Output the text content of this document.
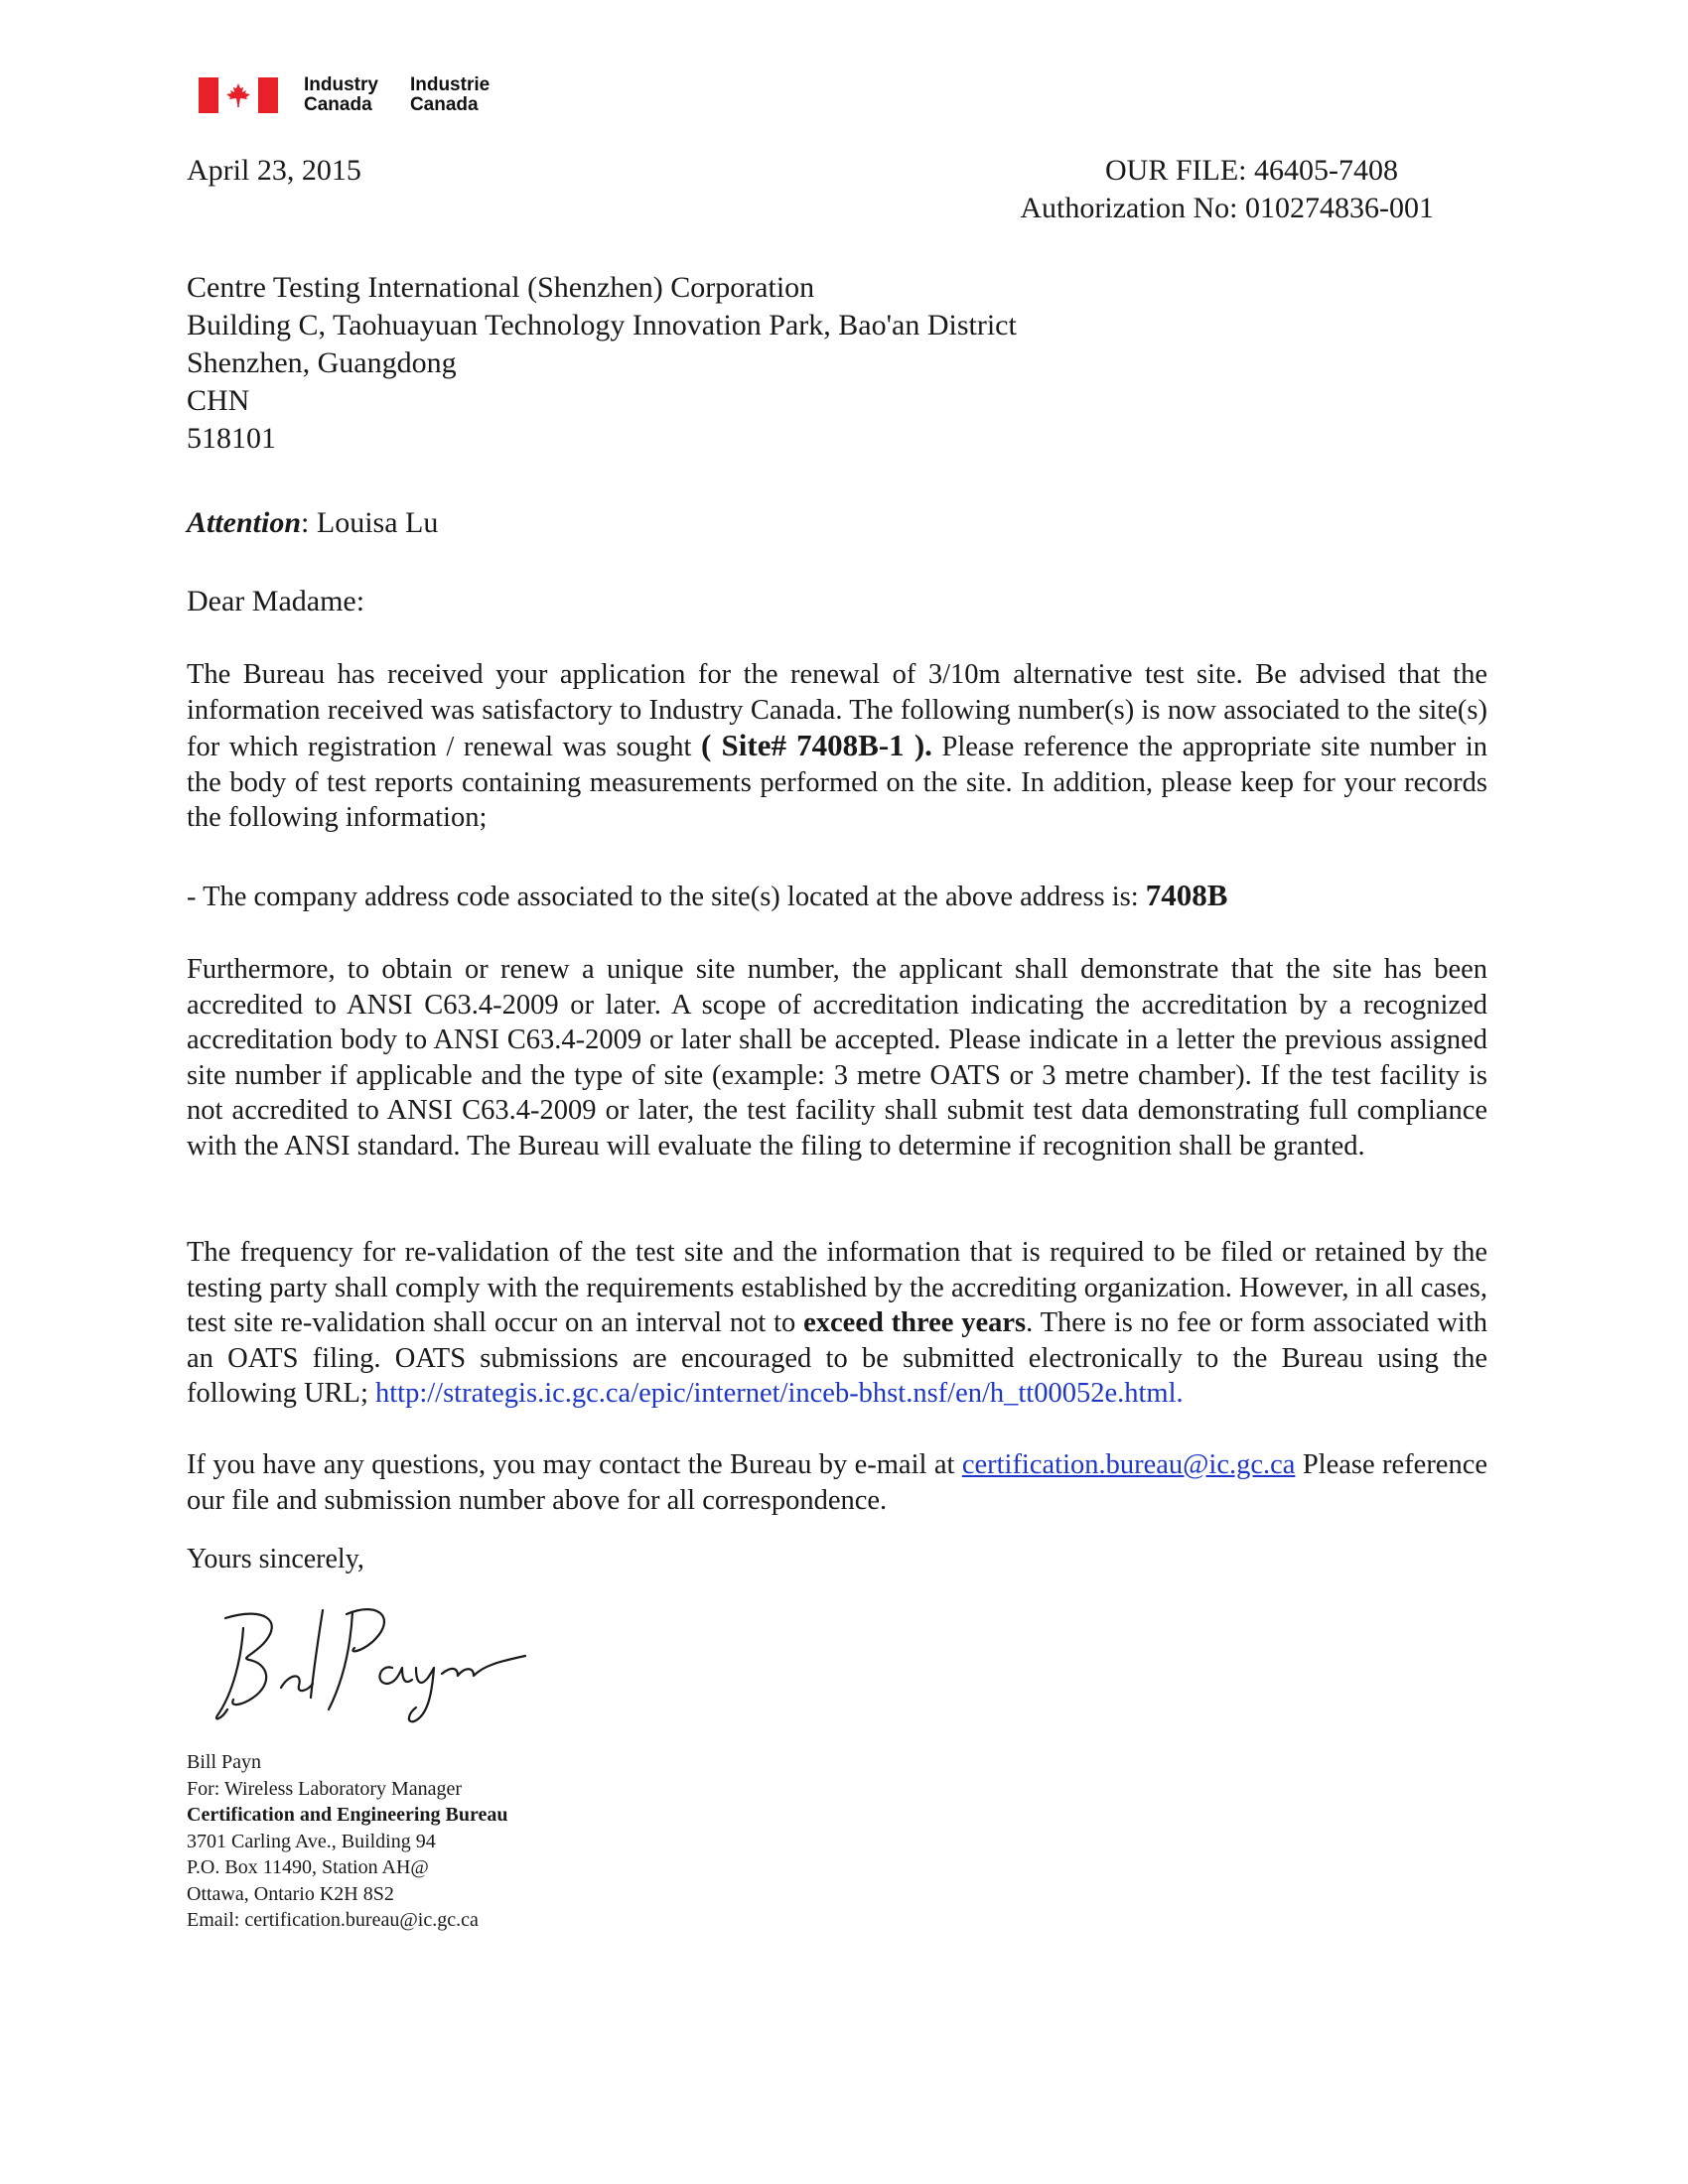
Industry
Canada
Industrie
Canada
April 23, 2015	OUR FILE: 46405-7408
Authorization No: 010274836-001
Centre Testing International (Shenzhen) Corporation
Building C, Taohuayuan Technology Innovation Park, Bao'an District
Shenzhen, Guangdong
CHN
518101
Attention: Louisa Lu
Dear Madame:
The Bureau has received your application for the renewal of 3/10m alternative test site. Be advised that the information received was satisfactory to Industry Canada. The following number(s) is now associated to the site(s) for which registration / renewal was sought ( Site# 7408B-1 ). Please reference the appropriate site number in the body of test reports containing measurements performed on the site. In addition, please keep for your records the following information;
- The company address code associated to the site(s) located at the above address is: 7408B
Furthermore, to obtain or renew a unique site number, the applicant shall demonstrate that the site has been accredited to ANSI C63.4-2009 or later. A scope of accreditation indicating the accreditation by a recognized accreditation body to ANSI C63.4-2009 or later shall be accepted. Please indicate in a letter the previous assigned site number if applicable and the type of site (example: 3 metre OATS or 3 metre chamber). If the test facility is not accredited to ANSI C63.4-2009 or later, the test facility shall submit test data demonstrating full compliance with the ANSI standard. The Bureau will evaluate the filing to determine if recognition shall be granted.
The frequency for re-validation of the test site and the information that is required to be filed or retained by the testing party shall comply with the requirements established by the accrediting organization. However, in all cases, test site re-validation shall occur on an interval not to exceed three years. There is no fee or form associated with an OATS filing. OATS submissions are encouraged to be submitted electronically to the Bureau using the following URL; http://strategis.ic.gc.ca/epic/internet/inceb-bhst.nsf/en/h_tt00052e.html.
If you have any questions, you may contact the Bureau by e-mail at certification.bureau@ic.gc.ca Please reference our file and submission number above for all correspondence.
Yours sincerely,
Bill Payn
For: Wireless Laboratory Manager
Certification and Engineering Bureau
3701 Carling Ave., Building 94
P.O. Box 11490, Station AH@
Ottawa, Ontario K2H 8S2
Email: certification.bureau@ic.gc.ca
